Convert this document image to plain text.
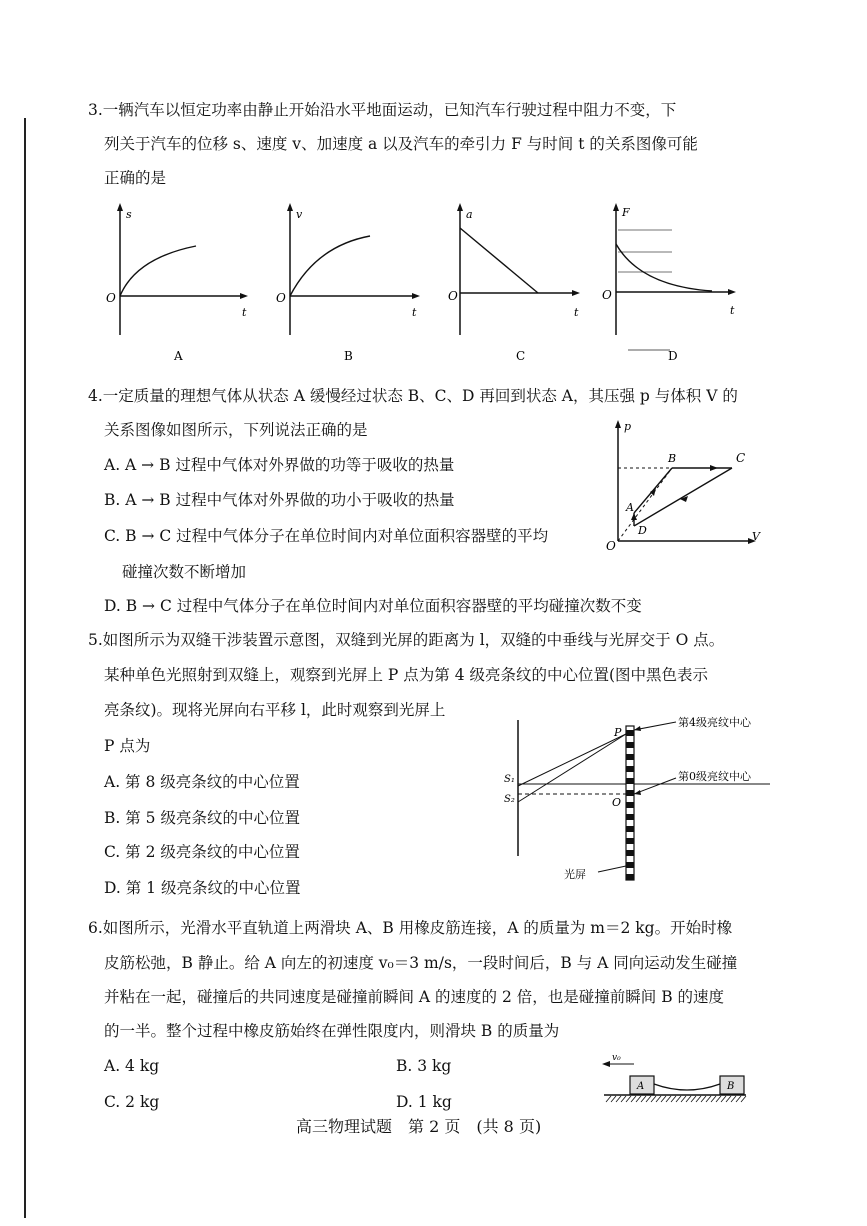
3.一辆汽车以恒定功率由静止开始沿水平地面运动，已知汽车行驶过程中阻力不变，下
列关于汽车的位移 s、速度 v、加速度 a 以及汽车的牵引力 F 与时间 t 的关系图像可能
正确的是
s
O
t
A
v
O
t
B
a
O
t
C
F
O
t
D
4.一定质量的理想气体从状态 A 缓慢经过状态 B、C、D 再回到状态 A，其压强 p 与体积 V 的
关系图像如图所示，下列说法正确的是
A. A → B 过程中气体对外界做的功等于吸收的热量
B. A → B 过程中气体对外界做的功小于吸收的热量
C. B → C 过程中气体分子在单位时间内对单位面积容器壁的平均
碰撞次数不断增加
D. B → C 过程中气体分子在单位时间内对单位面积容器壁的平均碰撞次数不变
p
V
O
A
B	C
D
5.如图所示为双缝干涉装置示意图，双缝到光屏的距离为 l，双缝的中垂线与光屏交于 O 点。
某种单色光照射到双缝上，观察到光屏上 P 点为第 4 级亮条纹的中心位置(图中黑色表示
亮条纹)。现将光屏向右平移 l，此时观察到光屏上
P 点为
A. 第 8 级亮条纹的中心位置
B. 第 5 级亮条纹的中心位置
C. 第 2 级亮条纹的中心位置
D. 第 1 级亮条纹的中心位置
第4级亮纹中心
第0级亮纹中心
P
O
S₁
S₂
光屏
6.如图所示，光滑水平直轨道上两滑块 A、B 用橡皮筋连接，A 的质量为 m＝2 kg。开始时橡
皮筋松弛，B 静止。给 A 向左的初速度 v₀＝3 m/s，一段时间后，B 与 A 同向运动发生碰撞
并粘在一起，碰撞后的共同速度是碰撞前瞬间 A 的速度的 2 倍，也是碰撞前瞬间 B 的速度
的一半。整个过程中橡皮筋始终在弹性限度内，则滑块 B 的质量为
A. 4 kg	B. 3 kg
C. 2 kg	D. 1 kg
v₀
A	B
高三物理试题　第 2 页　(共 8 页)
